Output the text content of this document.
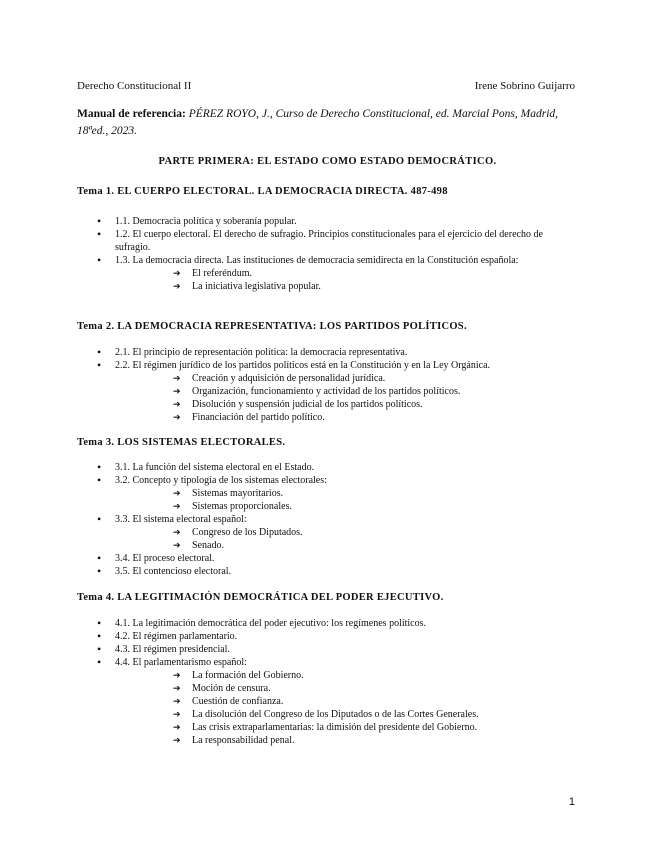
Derecho Constitucional II	Irene Sobrino Guijarro
Manual de referencia: PÉREZ ROYO, J., Curso de Derecho Constitucional, ed. Marcial Pons, Madrid, 18ªed., 2023.
PARTE PRIMERA: EL ESTADO COMO ESTADO DEMOCRÁTICO.
Tema 1. EL CUERPO ELECTORAL. LA DEMOCRACIA DIRECTA. 487-498
• 1.1. Democracia política y soberanía popular.
• 1.2. El cuerpo electoral. El derecho de sufragio. Principios constitucionales para el ejercicio del derecho de sufragio.
• 1.3. La democracia directa. Las instituciones de democracia semidirecta en la Constitución española:
➔ El referéndum.
➔ La iniciativa legislativa popular.
Tema 2. LA DEMOCRACIA REPRESENTATIVA: LOS PARTIDOS POLÍTICOS.
• 2.1. El principio de representación política: la democracia representativa.
• 2.2. El régimen jurídico de los partidos políticos está en la Constitución y en la Ley Orgánica.
➔ Creación y adquisición de personalidad jurídica.
➔ Organización, funcionamiento y actividad de los partidos políticos.
➔ Disolución y suspensión judicial de los partidos políticos.
➔ Financiación del partido político.
Tema 3. LOS SISTEMAS ELECTORALES.
• 3.1. La función del sistema electoral en el Estado.
• 3.2. Concepto y tipología de los sistemas electorales:
➔ Sistemas mayoritarios.
➔ Sistemas proporcionales.
• 3.3. El sistema electoral español:
➔ Congreso de los Diputados.
➔ Senado.
• 3.4. El proceso electoral.
• 3.5. El contencioso electoral.
Tema 4. LA LEGITIMACIÓN DEMOCRÁTICA DEL PODER EJECUTIVO.
• 4.1. La legitimación democrática del poder ejecutivo: los regímenes políticos.
• 4.2. El régimen parlamentario.
• 4.3. El régimen presidencial.
• 4.4. El parlamentarismo español:
➔ La formación del Gobierno.
➔ Moción de censura.
➔ Cuestión de confianza.
➔ La disolución del Congreso de los Diputados o de las Cortes Generales.
➔ Las crisis extraparlamentarias: la dimisión del presidente del Gobierno.
➔ La responsabilidad penal.
1
